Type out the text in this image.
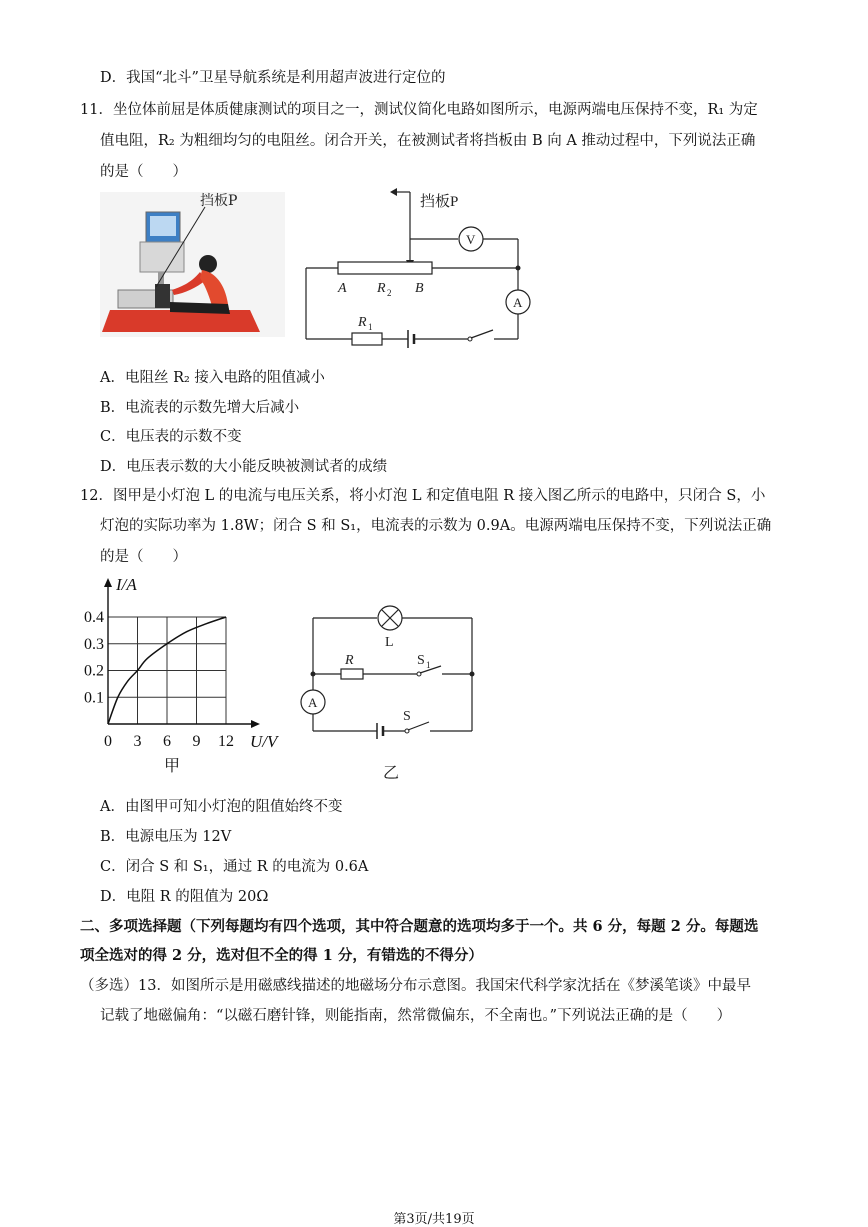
D．我国“北斗”卫星导航系统是利用超声波进行定位的
11．坐位体前屈是体质健康测试的项目之一，测试仪简化电路如图所示，电源两端电压保持不变，R₁ 为定
值电阻，R₂ 为粗细均匀的电阻丝。闭合开关，在被测试者将挡板由 B 向 A 推动过程中，下列说法正确
的是（　　）
挡板P	挡板P
V
A R 2 B
A
R 1
A．电阻丝 R₂ 接入电路的阻值减小
B．电流表的示数先增大后减小
C．电压表的示数不变
D．电压表示数的大小能反映被测试者的成绩
12．图甲是小灯泡 L 的电流与电压关系，将小灯泡 L 和定值电阻 R 接入图乙所示的电路中，只闭合 S，小
灯泡的实际功率为 1.8W；闭合 S 和 S₁，电流表的示数为 0.9A。电源两端电压保持不变，下列说法正确
的是（　　）
0 3 6 9 12
0.1
0.2
0.3
0.4
I/A
U/V
甲
L
R	S 1
A
S
乙
A．由图甲可知小灯泡的阻值始终不变
B．电源电压为 12V
C．闭合 S 和 S₁，通过 R 的电流为 0.6A
D．电阻 R 的阻值为 20Ω
二、多项选择题（下列每题均有四个选项，其中符合题意的选项均多于一个。共 6 分，每题 2 分。每题选
项全选对的得 2 分，选对但不全的得 1 分，有错选的不得分）
（多选）13．如图所示是用磁感线描述的地磁场分布示意图。我国宋代科学家沈括在《梦溪笔谈》中最早
记载了地磁偏角：“以磁石磨针锋，则能指南，然常微偏东，不全南也。”下列说法正确的是（　　）
第3页/共19页
